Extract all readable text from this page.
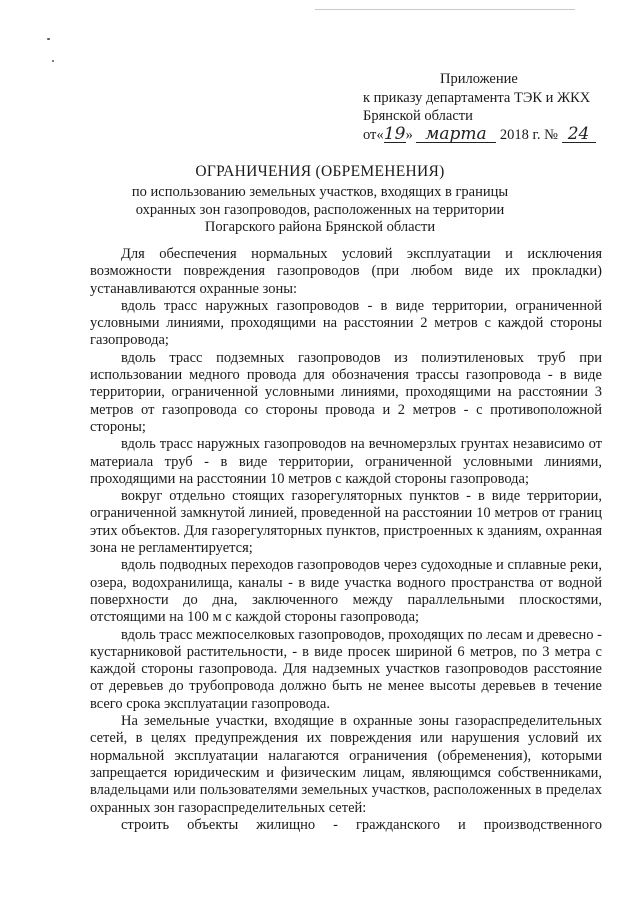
Приложение
к приказу департамента ТЭК и ЖКХ
Брянской области
от«19» марта 2018 г. № 24
ОГРАНИЧЕНИЯ (ОБРЕМЕНЕНИЯ)
по использованию земельных участков, входящих в границы охранных зон газопроводов, расположенных на территории Погарского района Брянской области

Для обеспечения нормальных условий эксплуатации и исключения возможности повреждения газопроводов (при любом виде их прокладки) устанавливаются охранные зоны:

вдоль трасс наружных газопроводов - в виде территории, ограниченной условными линиями, проходящими на расстоянии 2 метров с каждой стороны газопровода;

вдоль трасс подземных газопроводов из полиэтиленовых труб при использовании медного провода для обозначения трассы газопровода - в виде территории, ограниченной условными линиями, проходящими на расстоянии 3 метров от газопровода со стороны провода и 2 метров - с противоположной стороны;

вдоль трасс наружных газопроводов на вечномерзлых грунтах независимо от материала труб - в виде территории, ограниченной условными линиями, проходящими на расстоянии 10 метров с каждой стороны газопровода;

вокруг отдельно стоящих газорегуляторных пунктов - в виде территории, ограниченной замкнутой линией, проведенной на расстоянии 10 метров от границ этих объектов. Для газорегуляторных пунктов, пристроенных к зданиям, охранная зона не регламентируется;

вдоль подводных переходов газопроводов через судоходные и сплавные реки, озера, водохранилища, каналы - в виде участка водного пространства от водной поверхности до дна, заключенного между параллельными плоскостями, отстоящими на 100 м с каждой стороны газопровода;

вдоль трасс межпоселковых газопроводов, проходящих по лесам и древесно - кустарниковой растительности, - в виде просек шириной 6 метров, по 3 метра с каждой стороны газопровода. Для надземных участков газопроводов расстояние от деревьев до трубопровода должно быть не менее высоты деревьев в течение всего срока эксплуатации газопровода.

На земельные участки, входящие в охранные зоны газораспределительных сетей, в целях предупреждения их повреждения или нарушения условий их нормальной эксплуатации налагаются ограничения (обременения), которыми запрещается юридическим и физическим лицам, являющимся собственниками, владельцами или пользователями земельных участков, расположенных в пределах охранных зон газораспределительных сетей:

строить объекты жилищно - гражданского и производственного
